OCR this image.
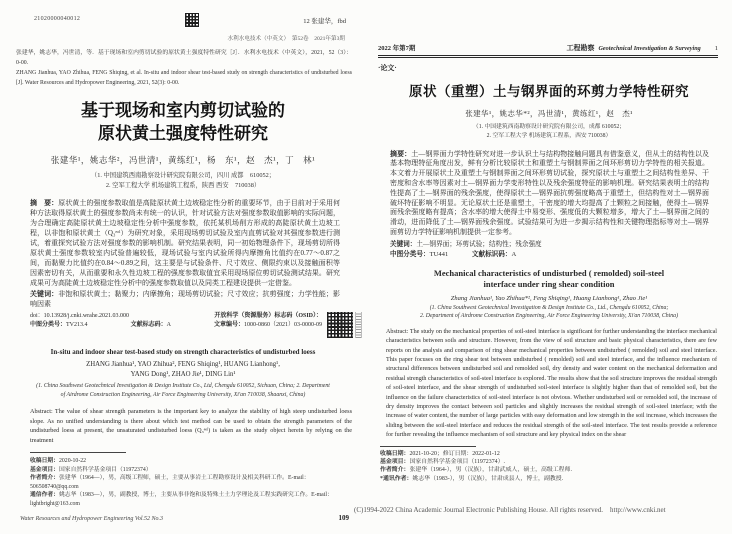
21020000040012	12 张建华，fbd
水利水电技术（中英文）　第52卷　2021年第3期

张建华，姚志华，冯世清，等．基于现场和室内剪切试验的原状黄土强度特性研究［J］．水利水电技术（中英文），2021，52（3）：0-00.

ZHANG Jianhua, YAO Zhihua, FENG Shiqing, et al. In-situ and indoor shear test-based study on strength characteristics of undisturbed loess [J]. Water Resources and Hydropower Engineering, 2021, 52(3): 0-00.

基于现场和室内剪切试验的
原状黄土强度特性研究
张建华¹，姚志华²，冯世清¹，黄练红¹，杨　东¹，赵　杰¹，丁　林¹
（1. 中国建筑西南勘察设计研究院有限公司，四川 成都　610052；
2. 空军工程大学 机场建筑工程系，陕西 西安　710038）

摘　要：原状黄土的强度参数取值是高陡原状黄土边坡稳定性分析的重要环节，由于目前对于采用何种方法取得原状黄土的强度参数尚未有统一的认识，针对试验方法对强度参数取值影响的实际问题，为合理确定高陡原状黄土边坡稳定性分析中强度参数，依托某机场削方形成的高陡原状黄土边坡工程，以非饱和原状黄土（Q₃ᵉᵒˡ）为研究对象，采用现场剪切试验及室内直剪试验对其强度参数进行测试，着重探究试验方法对强度参数的影响机制。研究结果表明，同一初始物理条件下，现场剪切所得原状黄土强度参数较室内试验普遍较低，现场试验与室内试验所得内摩擦角比值约在0.77～0.87之间，而黏聚力比值约在0.84～0.89之间，这主要是与试验条件、尺寸效应、侧限约束以及接触面积等因素密切有关，从而重要和永久性边坡工程的强度参数取值宜采用现场原位剪切试验测试结果。研究成果可为高陡黄土边坡稳定性分析中的强度参数取值以及同类工程建设提供一定借鉴。

关键词：非饱和原状黄土；黏聚力；内摩擦角；现场剪切试验；尺寸效应；抗剪强度；力学性能；影响因素

doi：10.13928/j.cnki.wrahe.2021.03.000	开放科学（资源服务）标志码（OSID）：
中图分类号：TV213.4	文献标志码：A	文章编号：1000-0860（2021）03-0000-09
In-situ and indoor shear test-based study on strength characteristics of undisturbed loess
ZHANG Jianhua¹, YAO Zhihua², FENG Shiqing¹, HUANG Lianhong¹,
YANG Dong¹, ZHAO Jie¹, DING Lin¹
(1. China Southwest Geotechnical Investigation & Design Institute Co., Ltd, Chengdu 610052, Sichuan, China; 2. Department
of Airdrome Construction Engineering, Air Force Engineering University, Xi'an 710038, Shaanxi, China)

Abstract: The value of shear strength parameters is the important key to analyze the stability of high steep undisturbed loess slope. As no unified understanding is there about which test method can be used to obtain the strength parameters of the undisturbed loess at present, the unsaturated undisturbed loess (Q₃ᵉᵒˡ) is taken as the study object herein by relying on the treatment

收稿日期：2020-10-22
基金项目：国家自然科学基金项目（11972374）
作者简介：张建华（1964—），男，高级工程师，硕士，主要从事岩土工程勘察设计及相关科研工作。E-mail：506508740@qq.com
通信作者：姚志华（1983—），男，副教授，博士，主要从事非饱和及特殊土土力学理论及工程实践研究工作。E-mail：lightbright@163.com
Water Resources and Hydropower Engineering Vol.52 No.3	109
2022 年第7期	工程勘察 Geotechnical Investigation & Surveying 1
·论文·
原状（重塑）土与钢界面的环剪力学特性研究
张建华¹，姚志华*²，冯世清¹，黄练红¹，赵　杰¹
（1. 中国建筑西南勘察设计研究院有限公司，成都 610052；
2. 空军工程大学 机场建筑工程系，西安 710038）

摘要：土—钢界面力学特性研究对进一步认识土与结构物接触问题具有借鉴意义，但从土的结构性以及基本物理特征角度出发，鲜有分析比较原状土和重塑土与钢制界面之间环形剪切力学特性的相关报道。本文着力开展原状土及重塑土与钢制界面之间环形剪切试验，探究原状土与重塑土之间结构性差异、干密度和含水率等因素对土—钢界面力学变形特性以及残余强度特征的影响机理。研究结果表明土的结构性提高了土—钢界面的残余强度，使得原状土—钢界面抗剪强度略高于重塑土，但结构性对土—钢界面破坏特征影响不明显。无论原状土还是重塑土，干密度的增大均提高了土颗粒之间接触，使得土—钢界面残余强度略有提高；含水率的增大使得土中易变形、强度低的大颗粒增多，增大了土—钢界面之间的滑动，进而降低了土—钢界面残余强度。试验结果可为进一步揭示结构性和关键物理指标等对土—钢界面剪切力学特征影响机制提供一定参考。

关键词：土—钢界面；环剪试验；结构性；残余强度

中图分类号：TU441	文献标识码：A
Mechanical characteristics of undisturbed ( remolded) soil-steel
interface under ring shear condition
Zhang Jianhua¹, Yao Zhihua*², Feng Shiqing¹, Huang Lianhong¹, Zhao Jie¹
(1. China Southwest Geotechnical Investigation & Design Institute Co., Ltd., Chengdu 610052, China;
2. Department of Airdrome Construction Engineering, Air Force Engineering University, Xi'an 710038, China)

Abstract: The study on the mechanical properties of soil-steel interface is significant for further understanding the interface mechanical characteristics between soils and structure. However, from the view of soil structure and basic physical characteristics, there are few reports on the analysis and comparison of ring shear mechanical properties between undisturbed ( remolded) soil and steel interface. This paper focuses on the ring shear test between undisturbed ( remolded) soil and steel interface, and the influence mechanism of structural differences between undisturbed soil and remolded soil, dry density and water content on the mechanical deformation and residual strength characteristics of soil-steel interface is explored. The results show that the soil structure improves the residual strength of soil-steel interface, and the shear strength of undisturbed soil-steel interface is slightly higher than that of remolded soil, but the influence on the failure characteristics of soil-steel interface is not obvious. Whether undisturbed soil or remolded soil, the increase of dry density improves the contact between soil particles and slightly increases the residual strength of soil-steel interface; with the increase of water content, the number of large particles with easy deformation and low strength in the soil increase, which increases the sliding between the soil-steel interface and reduces the residual strength of the soil-steel interface. The test results provide a reference for further revealing the influence mechanism of soil structure and key physical index on the shear

收稿日期：2021-10-20；修订日期：2022-01-12
基金项目：国家自然科学基金项目（11972374）.
作者简介：张建华（1964-），男（汉族），甘肃武威人，硕士，高级工程师.
*通讯作者：姚志华（1983-），男（汉族），甘肃成县人，博士，副教授.
(C)1994-2022 China Academic Journal Electronic Publishing House. All rights reserved.　http://www.cnki.net
